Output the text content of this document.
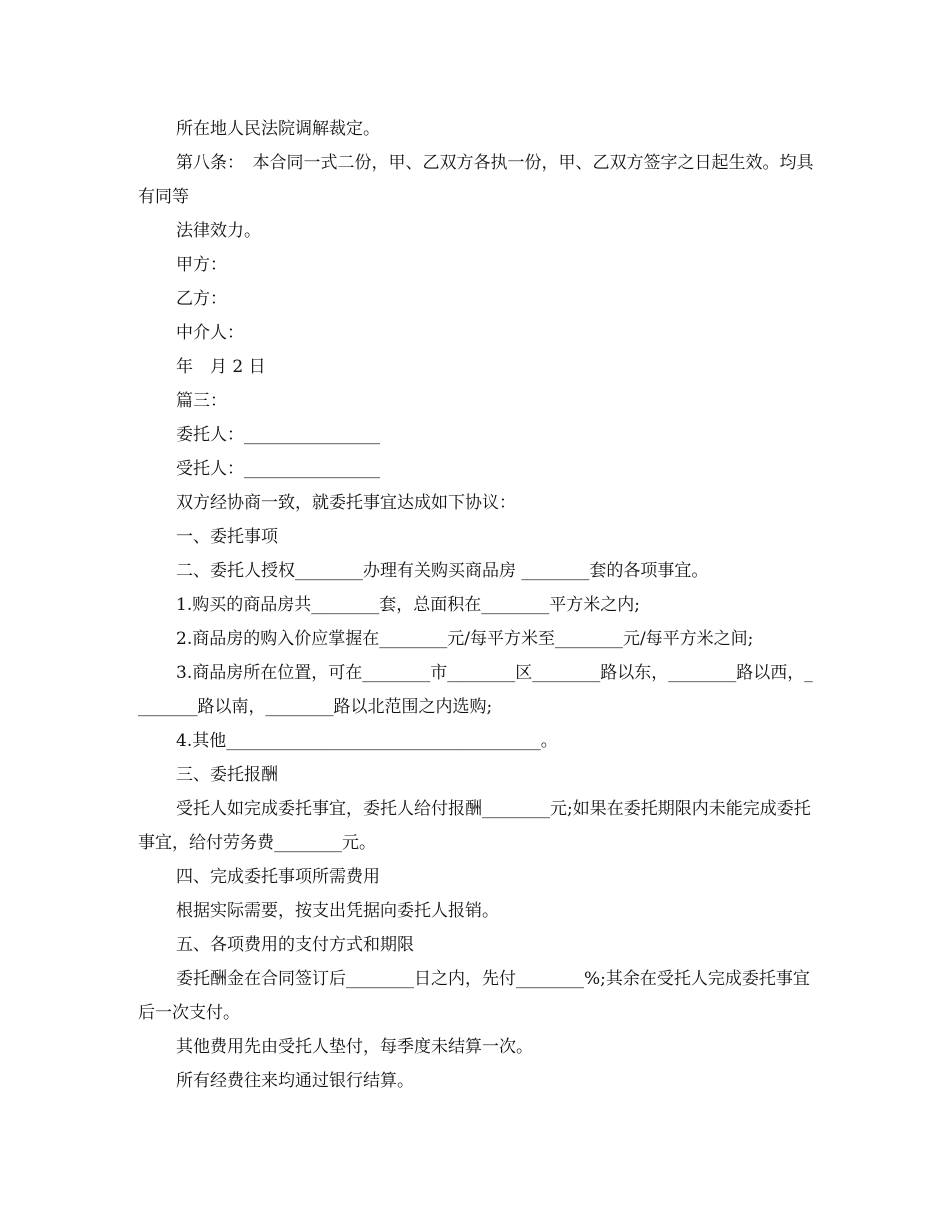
所在地人民法院调解裁定。

第八条：　本合同一式二份，甲、乙双方各执一份，甲、乙双方签字之日起生效。均具有同等

法律效力。

甲方：

乙方：

中介人：

年　月 2 日

篇三：

委托人：________________

受托人：________________

双方经协商一致，就委托事宜达成如下协议：

一、委托事项

二、委托人授权________办理有关购买商品房 ________套的各项事宜。

1.购买的商品房共________套，总面积在________平方米之内;

2.商品房的购入价应掌握在________元/每平方米至________元/每平方米之间;

3.商品房所在位置，可在________市________区________路以东，________路以西，________路以南，________路以北范围之内选购;

4.其他_____________________________________。

三、委托报酬

受托人如完成委托事宜，委托人给付报酬________元;如果在委托期限内未能完成委托事宜，给付劳务费________元。

四、完成委托事项所需费用

根据实际需要，按支出凭据向委托人报销。

五、各项费用的支付方式和期限

委托酬金在合同签订后________日之内，先付________%;其余在受托人完成委托事宜后一次支付。

其他费用先由受托人垫付，每季度未结算一次。

所有经费往来均通过银行结算。
